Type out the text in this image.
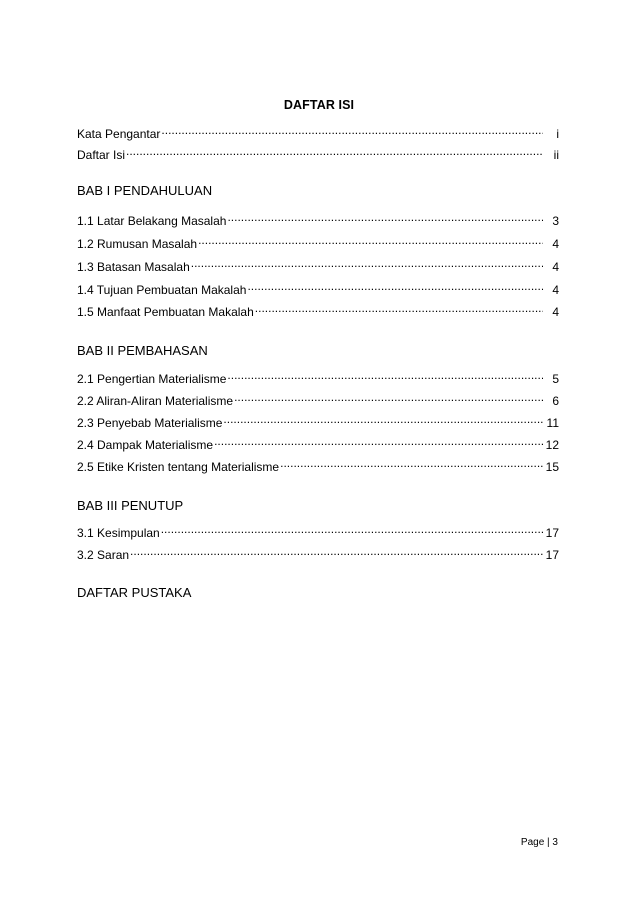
DAFTAR ISI
Kata Pengantar .....	i
Daftar Isi .....	ii
BAB I PENDAHULUAN
1.1 Latar Belakang Masalah .....	3
1.2 Rumusan Masalah .....	4
1.3 Batasan Masalah .....	4
1.4 Tujuan Pembuatan Makalah .....	4
1.5 Manfaat Pembuatan Makalah .....	4
BAB II PEMBAHASAN
2.1 Pengertian Materialisme .....	5
2.2 Aliran-Aliran Materialisme .....	6
2.3 Penyebab Materialisme .....	11
2.4 Dampak Materialisme .....	12
2.5 Etike Kristen tentang Materialisme .....	15
BAB III PENUTUP
3.1 Kesimpulan .....	17
3.2 Saran .....	17
DAFTAR PUSTAKA
Page | 3
